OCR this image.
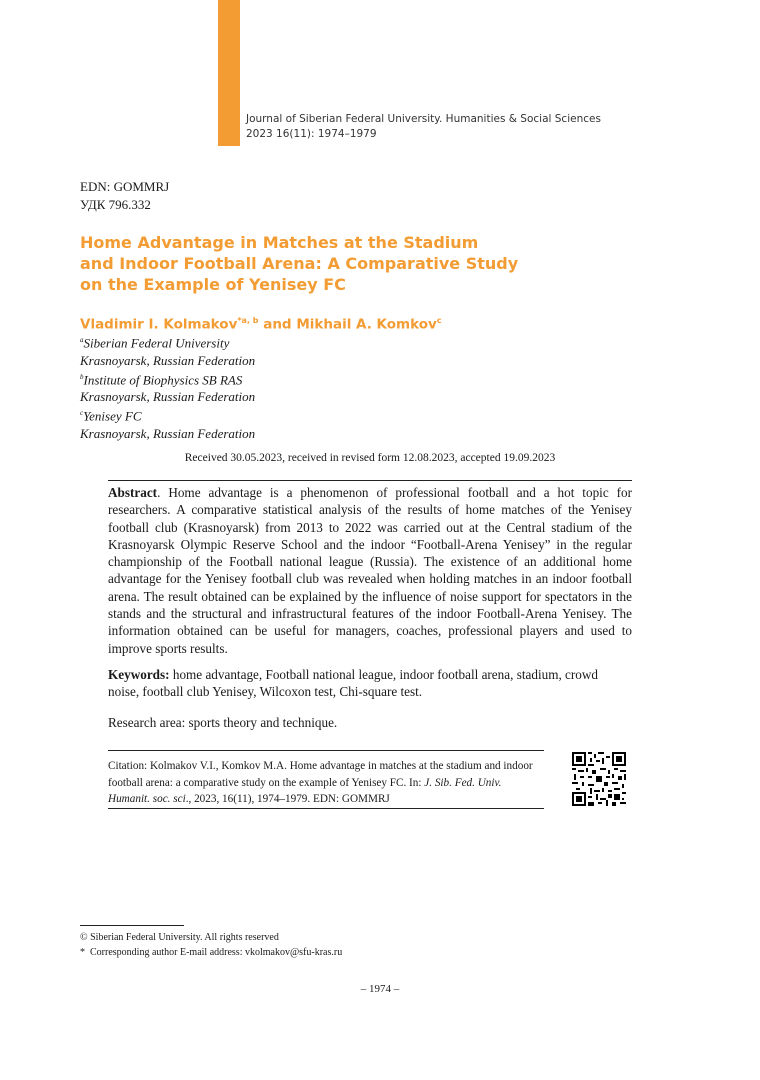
Journal of Siberian Federal University. Humanities & Social Sciences
2023 16(11): 1974–1979
EDN: GOMMRJ
УДК 796.332
Home Advantage in Matches at the Stadium
and Indoor Football Arena: A Comparative Study
on the Example of Yenisey FC
Vladimir I. Kolmakov$^{*a, b}$ and Mikhail A. Komkov$^c$
$^a$Siberian Federal University
Krasnoyarsk, Russian Federation
$^b$Institute of Biophysics SB RAS
Krasnoyarsk, Russian Federation
$^c$Yenisey FC
Krasnoyarsk, Russian Federation
Received 30.05.2023, received in revised form 12.08.2023, accepted 19.09.2023
Abstract. Home advantage is a phenomenon of professional football and a hot topic for researchers. A comparative statistical analysis of the results of home matches of the Yenisey football club (Krasnoyarsk) from 2013 to 2022 was carried out at the Central stadium of the Krasnoyarsk Olympic Reserve School and the indoor “Football-Arena Yenisey” in the regular championship of the Football national league (Russia). The existence of an additional home advantage for the Yenisey football club was revealed when holding matches in an indoor football arena. The result obtained can be explained by the influence of noise support for spectators in the stands and the structural and infrastructural features of the indoor Football-Arena Yenisey. The information obtained can be useful for managers, coaches, professional players and used to improve sports results.
Keywords: home advantage, Football national league, indoor football arena, stadium, crowd noise, football club Yenisey, Wilcoxon test, Chi-square test.
Research area: sports theory and technique.
Citation: Kolmakov V.I., Komkov M.A. Home advantage in matches at the stadium and indoor football arena: a comparative study on the example of Yenisey FC. In: J. Sib. Fed. Univ. Humanit. soc. sci., 2023, 16(11), 1974–1979. EDN: GOMMRJ
© Siberian Federal University. All rights reserved
*  Corresponding author E-mail address: vkolmakov@sfu-kras.ru
– 1974 –
